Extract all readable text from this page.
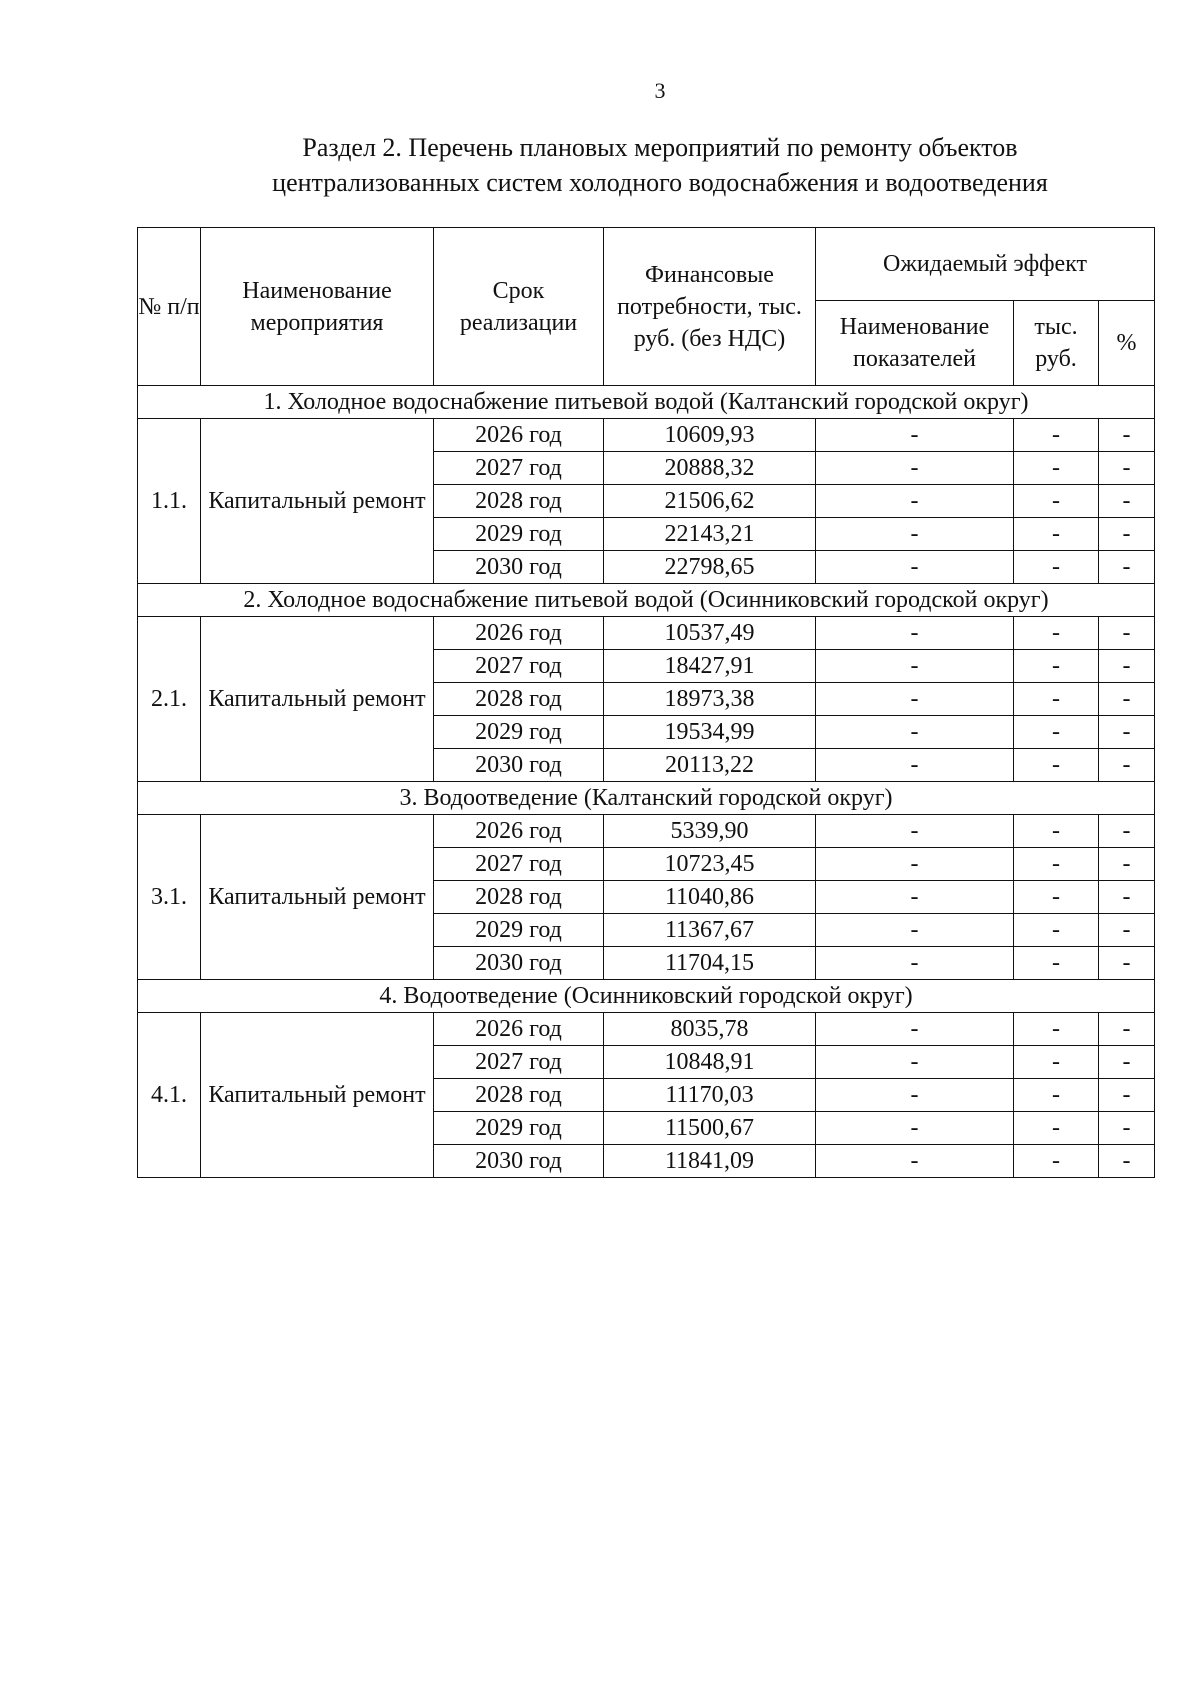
3
Раздел 2. Перечень плановых мероприятий по ремонту объектов
централизованных систем холодного водоснабжения и водоотведения
№ п/п	Наименование мероприятия	Срок реализации	Финансовые потребности, тыс. руб. (без НДС)	Ожидаемый эффект		
				Наименование показателей	тыс. руб.	%
1. Холодное водоснабжение питьевой водой (Калтанский городской округ)						
1.1.	Капитальный ремонт	2026 год	10609,93	-	-	-
		2027 год	20888,32	-	-	-
		2028 год	21506,62	-	-	-
		2029 год	22143,21	-	-	-
		2030 год	22798,65	-	-	-
2. Холодное водоснабжение питьевой водой (Осинниковский городской округ)						
2.1.	Капитальный ремонт	2026 год	10537,49	-	-	-
		2027 год	18427,91	-	-	-
		2028 год	18973,38	-	-	-
		2029 год	19534,99	-	-	-
		2030 год	20113,22	-	-	-
3. Водоотведение (Калтанский городской округ)						
3.1.	Капитальный ремонт	2026 год	5339,90	-	-	-
		2027 год	10723,45	-	-	-
		2028 год	11040,86	-	-	-
		2029 год	11367,67	-	-	-
		2030 год	11704,15	-	-	-
4. Водоотведение (Осинниковский городской округ)						
4.1.	Капитальный ремонт	2026 год	8035,78	-	-	-
		2027 год	10848,91	-	-	-
		2028 год	11170,03	-	-	-
		2029 год	11500,67	-	-	-
		2030 год	11841,09	-	-	-
